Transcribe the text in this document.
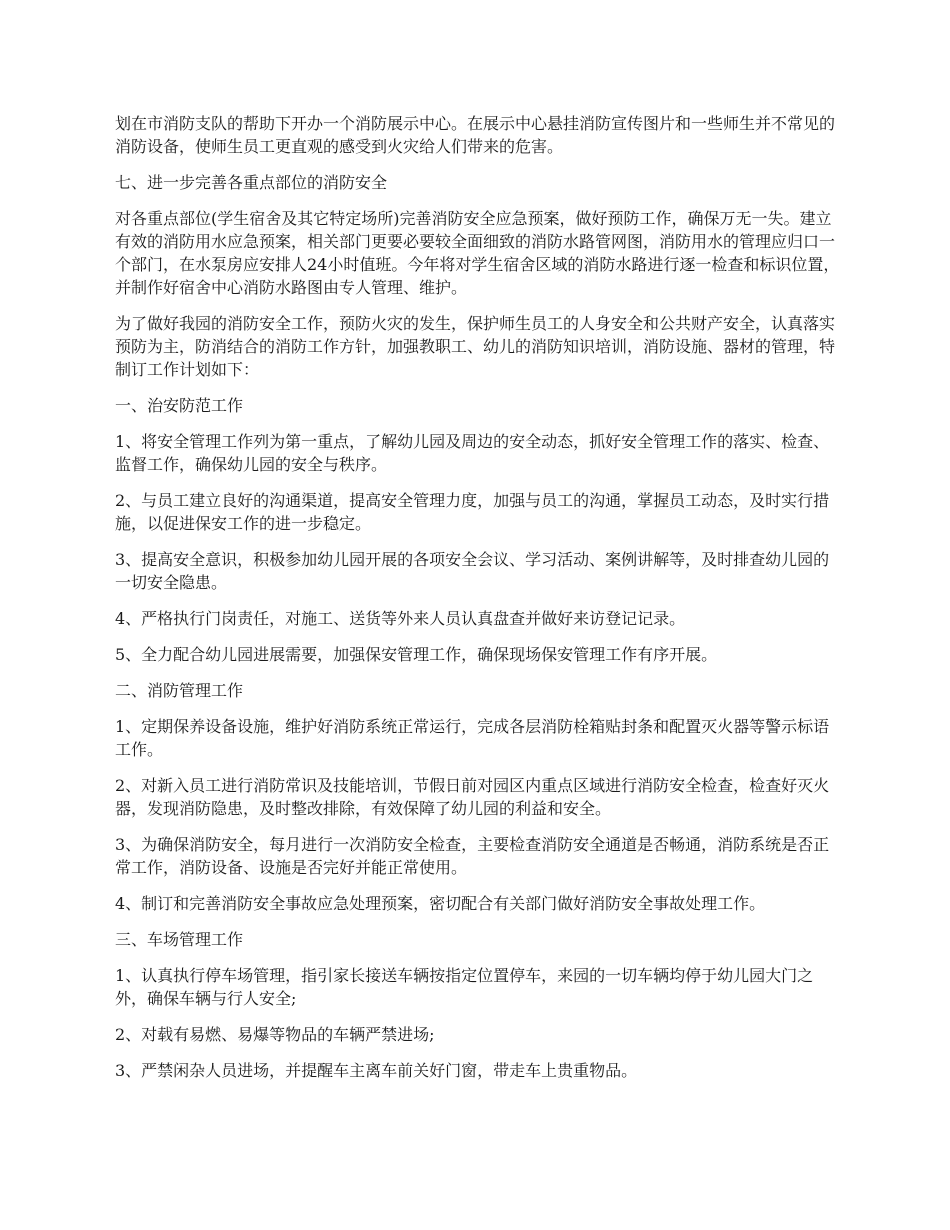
划在市消防支队的帮助下开办一个消防展示中心。在展示中心悬挂消防宣传图片和一些师生并不常见的消防设备，使师生员工更直观的感受到火灾给人们带来的危害。

七、进一步完善各重点部位的消防安全

对各重点部位(学生宿舍及其它特定场所)完善消防安全应急预案，做好预防工作，确保万无一失。建立有效的消防用水应急预案，相关部门更要必要较全面细致的消防水路管网图，消防用水的管理应归口一个部门，在水泵房应安排人24小时值班。今年将对学生宿舍区域的消防水路进行逐一检查和标识位置，并制作好宿舍中心消防水路图由专人管理、维护。

为了做好我园的消防安全工作，预防火灾的发生，保护师生员工的人身安全和公共财产安全，认真落实预防为主，防消结合的消防工作方针，加强教职工、幼儿的消防知识培训，消防设施、器材的管理，特制订工作计划如下：

一、治安防范工作

1、将安全管理工作列为第一重点，了解幼儿园及周边的安全动态，抓好安全管理工作的落实、检查、监督工作，确保幼儿园的安全与秩序。

2、与员工建立良好的沟通渠道，提高安全管理力度，加强与员工的沟通，掌握员工动态，及时实行措施，以促进保安工作的进一步稳定。

3、提高安全意识，积极参加幼儿园开展的各项安全会议、学习活动、案例讲解等，及时排查幼儿园的一切安全隐患。

4、严格执行门岗责任，对施工、送货等外来人员认真盘查并做好来访登记记录。

5、全力配合幼儿园进展需要，加强保安管理工作，确保现场保安管理工作有序开展。

二、消防管理工作

1、定期保养设备设施，维护好消防系统正常运行，完成各层消防栓箱贴封条和配置灭火器等警示标语工作。

2、对新入员工进行消防常识及技能培训，节假日前对园区内重点区域进行消防安全检查，检查好灭火器，发现消防隐患，及时整改排除，有效保障了幼儿园的利益和安全。

3、为确保消防安全，每月进行一次消防安全检查，主要检查消防安全通道是否畅通，消防系统是否正常工作，消防设备、设施是否完好并能正常使用。

4、制订和完善消防安全事故应急处理预案，密切配合有关部门做好消防安全事故处理工作。

三、车场管理工作

1、认真执行停车场管理，指引家长接送车辆按指定位置停车，来园的一切车辆均停于幼儿园大门之外，确保车辆与行人安全;

2、对载有易燃、易爆等物品的车辆严禁进场;

3、严禁闲杂人员进场，并提醒车主离车前关好门窗，带走车上贵重物品。
